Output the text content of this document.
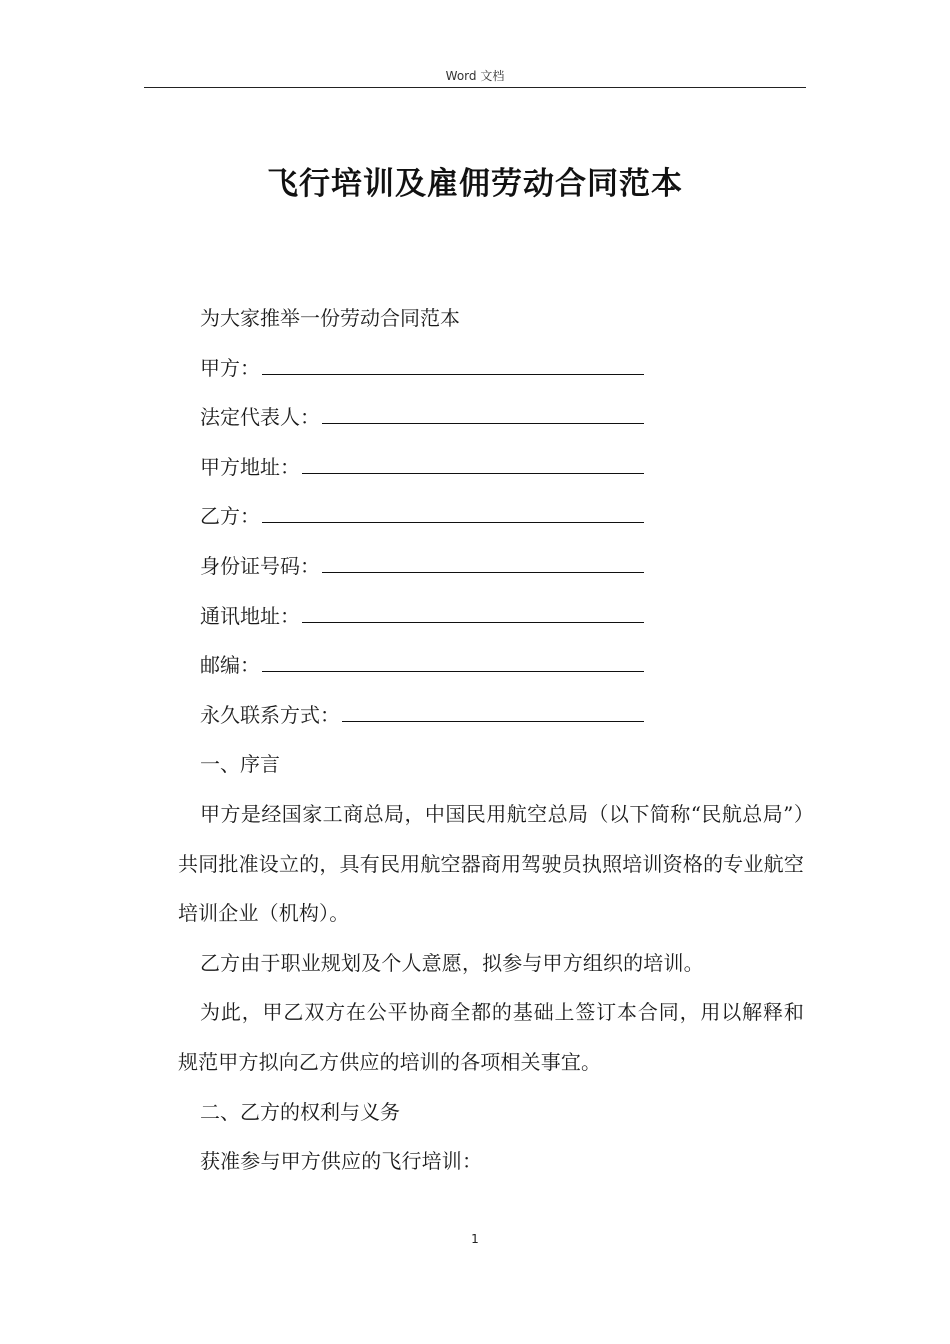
Word 文档
飞行培训及雇佣劳动合同范本
为大家推举一份劳动合同范本
甲方：
法定代表人：
甲方地址：
乙方：
身份证号码：
通讯地址：
邮编：
永久联系方式：
一、序言
甲方是经国家工商总局，中国民用航空总局（以下简称“民航总局”）共同批准设立的，具有民用航空器商用驾驶员执照培训资格的专业航空培训企业（机构）。
乙方由于职业规划及个人意愿，拟参与甲方组织的培训。
为此，甲乙双方在公平协商全都的基础上签订本合同，用以解释和规范甲方拟向乙方供应的培训的各项相关事宜。
二、乙方的权利与义务
获准参与甲方供应的飞行培训：
1
